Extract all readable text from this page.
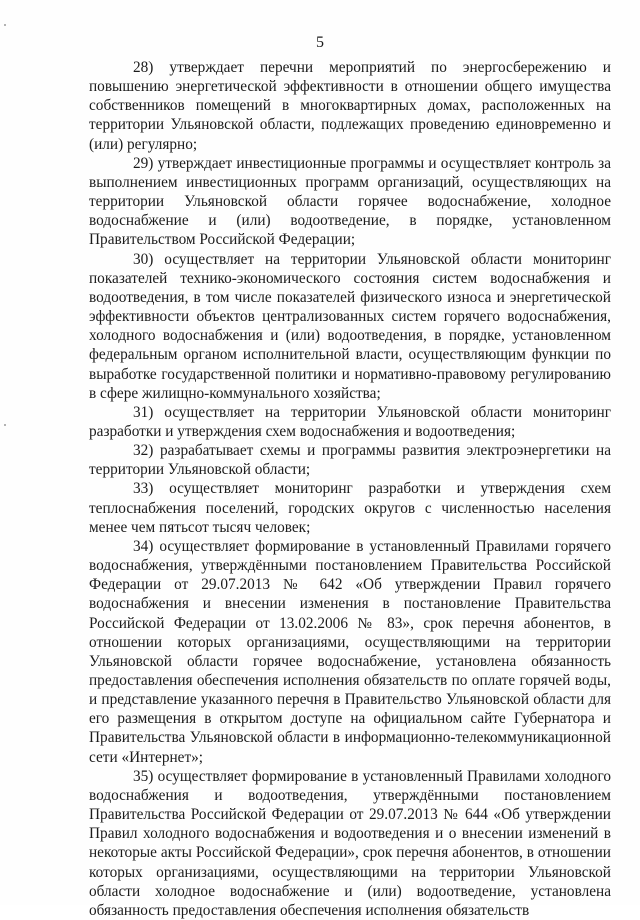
5

28) утверждает перечни мероприятий по энергосбережению и повышению энергетической эффективности в отношении общего имущества собственников помещений в многоквартирных домах, расположенных на территории Ульяновской области, подлежащих проведению единовременно и (или) регулярно;

29) утверждает инвестиционные программы и осуществляет контроль за выполнением инвестиционных программ организаций, осуществляющих на территории Ульяновской области горячее водоснабжение, холодное водоснабжение и (или) водоотведение, в порядке, установленном Правительством Российской Федерации;

30) осуществляет на территории Ульяновской области мониторинг показателей технико-экономического состояния систем водоснабжения и водоотведения, в том числе показателей физического износа и энергетической эффективности объектов централизованных систем горячего водоснабжения, холодного водоснабжения и (или) водоотведения, в порядке, установленном федеральным органом исполнительной власти, осуществляющим функции по выработке государственной политики и нормативно-правовому регулированию в сфере жилищно-коммунального хозяйства;

31) осуществляет на территории Ульяновской области мониторинг разработки и утверждения схем водоснабжения и водоотведения;

32) разрабатывает схемы и программы развития электроэнергетики на территории Ульяновской области;

33) осуществляет мониторинг разработки и утверждения схем теплоснабжения поселений, городских округов с численностью населения менее чем пятьсот тысяч человек;

34) осуществляет формирование в установленный Правилами горячего водоснабжения, утверждёнными постановлением Правительства Российской Федерации от 29.07.2013 № 642 «Об утверждении Правил горячего водоснабжения и внесении изменения в постановление Правительства Российской Федерации от 13.02.2006 № 83», срок перечня абонентов, в отношении которых организациями, осуществляющими на территории Ульяновской области горячее водоснабжение, установлена обязанность предоставления обеспечения исполнения обязательств по оплате горячей воды, и представление указанного перечня в Правительство Ульяновской области для его размещения в открытом доступе на официальном сайте Губернатора и Правительства Ульяновской области в информационно-телекоммуникационной сети «Интернет»;

35) осуществляет формирование в установленный Правилами холодного водоснабжения и водоотведения, утверждёнными постановлением Правительства Российской Федерации от 29.07.2013 № 644 «Об утверждении Правил холодного водоснабжения и водоотведения и о внесении изменений в некоторые акты Российской Федерации», срок перечня абонентов, в отношении которых организациями, осуществляющими на территории Ульяновской области холодное водоснабжение и (или) водоотведение, установлена обязанность предоставления обеспечения исполнения обязательств
